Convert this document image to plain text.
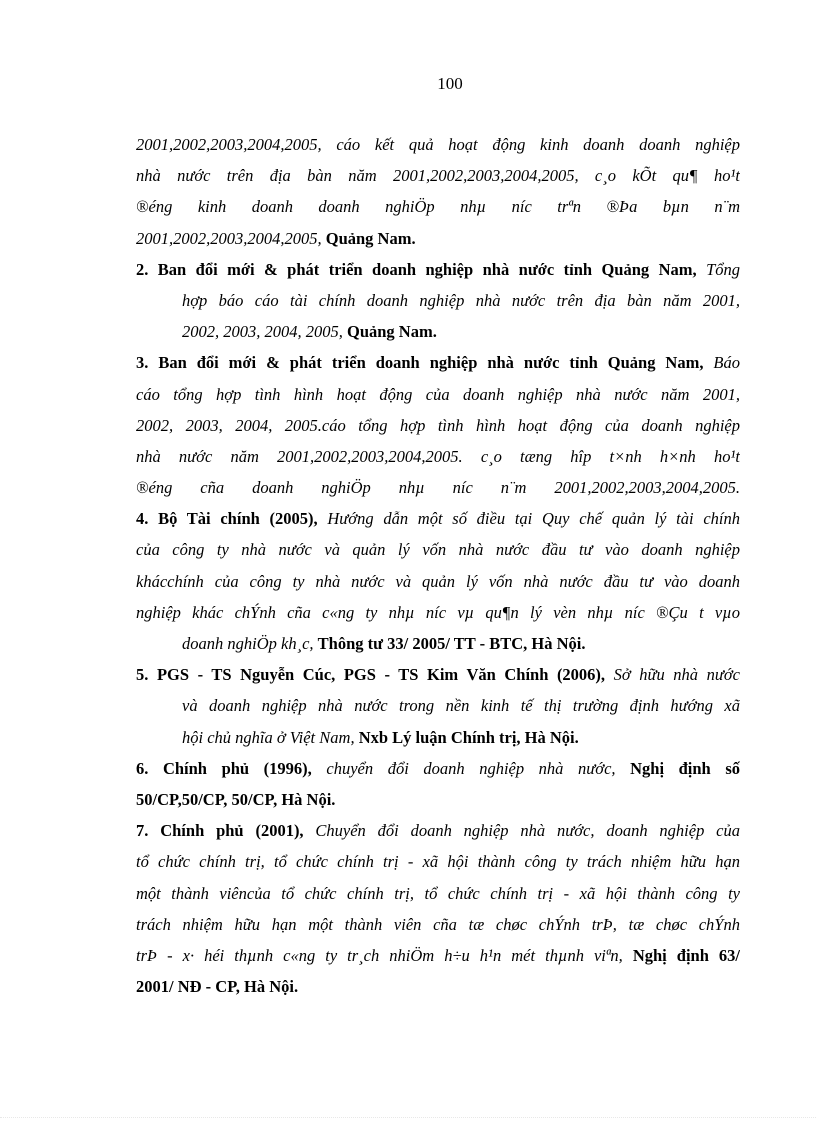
100
2001,2002,2003,2004,2005, cáo kết quả hoạt động kinh doanh doanh nghiệp
nhà nước trên địa bàn năm 2001,2002,2003,2004,2005, c¸o kÕt qu¶ ho¹t
®éng kinh doanh doanh nghiÖp nhµ níc trªn ®Þa bµn n¨m
2001,2002,2003,2004,2005, Quảng Nam.
2. Ban đổi mới & phát triển doanh nghiệp nhà nước tỉnh Quảng Nam, Tổng
hợp báo cáo tài chính doanh nghiệp nhà nước trên địa bàn năm 2001,
2002, 2003, 2004, 2005, Quảng Nam.
3. Ban đổi mới & phát triển doanh nghiệp nhà nước tỉnh Quảng Nam, Báo
cáo tổng hợp tình hình hoạt động của doanh nghiệp nhà nước năm 2001,
2002, 2003, 2004, 2005.cáo tổng hợp tình hình hoạt động của doanh nghiệp
nhà nước năm 2001,2002,2003,2004,2005. c¸o tæng hîp t×nh h×nh ho¹t
®éng cña doanh nghiÖp nhµ níc n¨m 2001,2002,2003,2004,2005.
4. Bộ Tài chính (2005), Hướng dẫn một số điều tại Quy chế quản lý tài chính
của công ty nhà nước và quản lý vốn nhà nước đầu tư vào doanh nghiệp
khácchính của công ty nhà nước và quản lý vốn nhà nước đầu tư vào doanh
nghiệp khác chÝnh cña c«ng ty nhµ níc vµ qu¶n lý vèn nhµ níc ®Çu t vµo
doanh nghiÖp kh¸c, Thông tư 33/ 2005/ TT - BTC, Hà Nội.
5. PGS - TS Nguyễn Cúc, PGS - TS Kim Văn Chính (2006), Sở hữu nhà nước
và doanh nghiệp nhà nước trong nền kinh tế thị trường định hướng xã
hội chủ nghĩa ở Việt Nam, Nxb Lý luận Chính trị, Hà Nội.
6. Chính phủ (1996), chuyển đổi doanh nghiệp nhà nước, Nghị định số
50/CP,50/CP, 50/CP, Hà Nội.
7. Chính phủ (2001), Chuyển đổi doanh nghiệp nhà nước, doanh nghiệp của
tổ chức chính trị, tổ chức chính trị - xã hội thành công ty trách nhiệm hữu hạn
một thành viêncủa tổ chức chính trị, tổ chức chính trị - xã hội thành công ty
trách nhiệm hữu hạn một thành viên cña tæ chøc chÝnh trÞ, tæ chøc chÝnh
trÞ - x· héi thµnh c«ng ty tr¸ch nhiÖm h÷u h¹n mét thµnh viªn, Nghị định 63/
2001/ NĐ - CP, Hà Nội.
